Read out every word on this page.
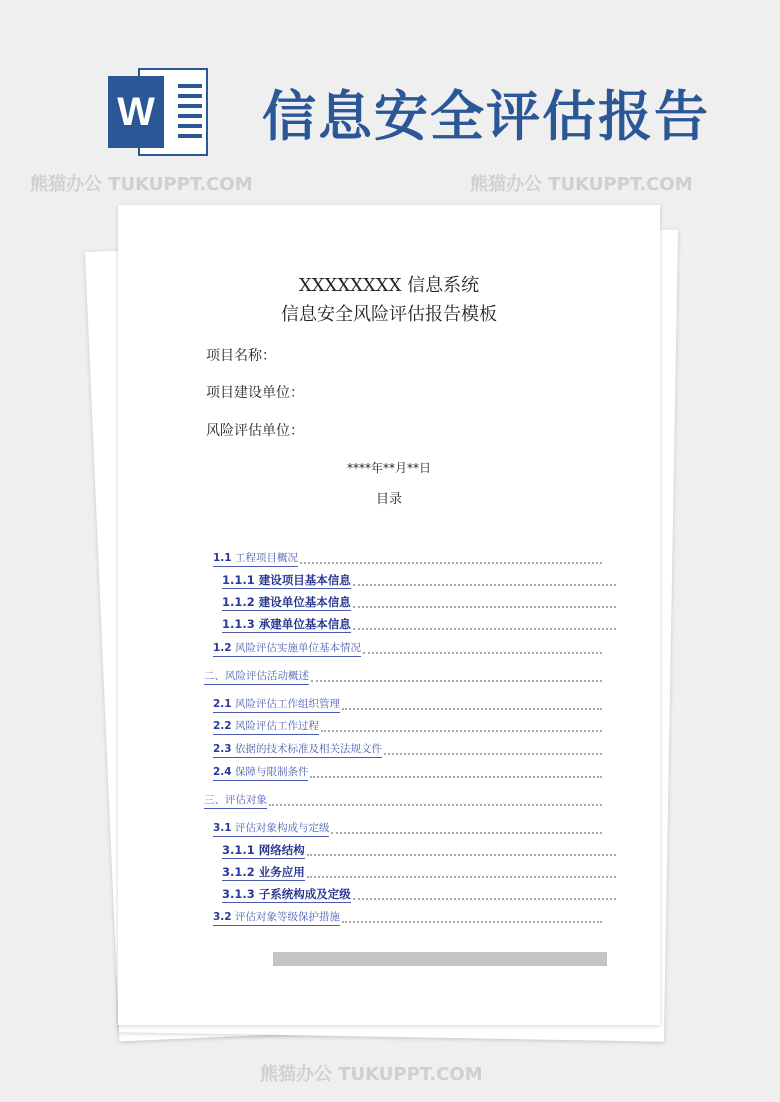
W 信息安全评估报告
XXXXXXXX 信息系统
信息安全风险评估报告模板
项目名称：
项目建设单位：
风险评估单位：
****年**月**日
目录
1.1 工程项目概况
1.1.1 建设项目基本信息
1.1.2 建设单位基本信息
1.1.3 承建单位基本信息
1.2 风险评估实施单位基本情况
二、风险评估活动概述
2.1 风险评估工作组织管理
2.2 风险评估工作过程
2.3 依据的技术标准及相关法规文件
2.4 保障与限制条件
三、评估对象
3.1 评估对象构成与定级
3.1.1 网络结构
3.1.2 业务应用
3.1.3 子系统构成及定级
3.2 评估对象等级保护措施
熊猫办公 TUKUPPT.COM	熊猫办公 TUKUPPT.COM
熊猫办公 TUKUPPT.COM
